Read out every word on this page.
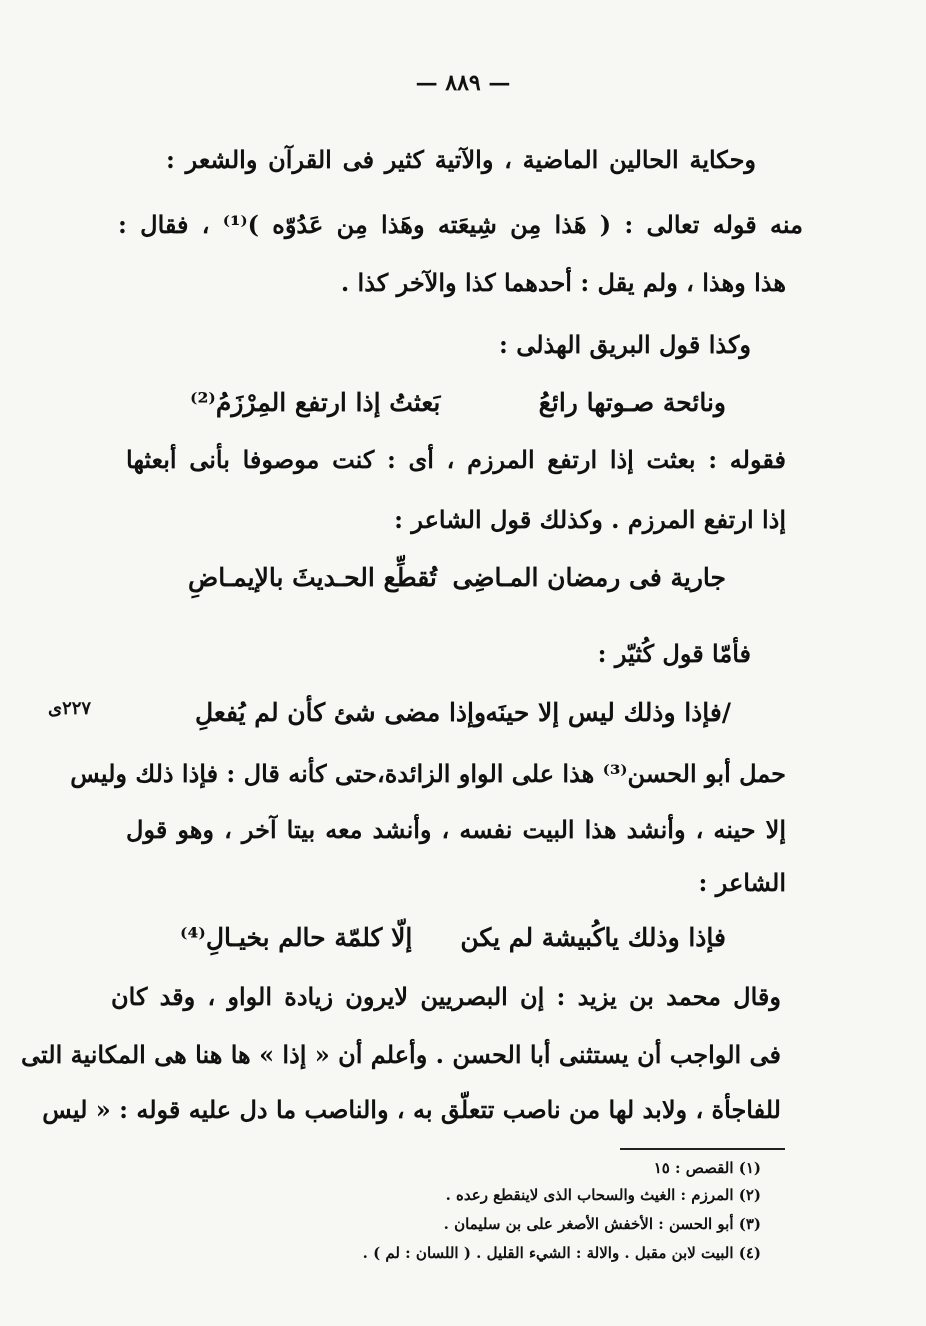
— ٨٨٩ —
وحكاية الحالين الماضية ، والآتية كثير فى القرآن والشعر :
منه قوله تعالى : ( هَذا مِن شِيعَته وهَذا مِن عَدُوّه )⁽¹⁾ ، فقال :
هذا وهذا ، ولم يقل : أحدهما كذا والآخر كذا .
وكذا قول البريق الهذلى :
ونائحة صـوتها رائعُ
بَعثتُ إذا ارتفع المِرْزَمُ⁽²⁾
فقوله : بعثت إذا ارتفع المرزم ، أى : كنت موصوفا بأنى أبعثها
إذا ارتفع المرزم . وكذلك قول الشاعر :
جارية فى رمضان المـاضِى
تُقطِّع الحـديثَ بالإيمـاضِ
فأمّا قول كُثيّر :
/فإذا وذلك ليس إلا حينَه
وإذا مضى شئ كأن لم يُفعلِ
٢٢٧ى
حمل أبو الحسن⁽³⁾ هذا على الواو الزائدة،حتى كأنه قال : فإذا ذلك وليس
إلا حينه ، وأنشد هذا البيت نفسه ، وأنشد معه بيتا آخر ، وهو قول
الشاعر :
فإذا وذلك ياكُبيشة لم يكن
إلّا كلمّة حالم بخيـالِ⁽⁴⁾
وقال محمد بن يزيد : إن البصريين لايرون زيادة الواو ، وقد كان
فى الواجب أن يستثنى أبا الحسن . وأعلم أن « إذا » ها هنا هى المكانية التى
للفاجأة ، ولابد لها من ناصب تتعلّق به ، والناصب ما دل عليه قوله : « ليس
(١) القصص : ١٥
(٢) المرزم : الغيث والسحاب الذى لاينقطع رعده .
(٣) أبو الحسن : الأخفش الأصغر على بن سليمان .
(٤) البيت لابن مقبل . والالة : الشيء القليل . ( اللسان : لم ) .
